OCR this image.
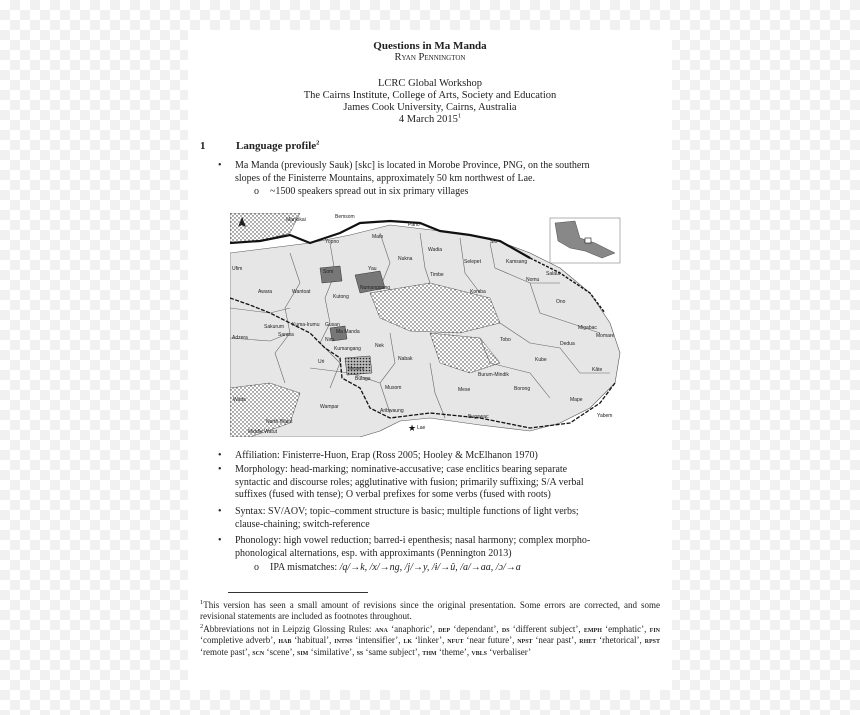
Questions in Ma Manda
Ryan Pennington
LCRC Global Workshop
The Cairns Institute, College of Arts, Society and Education
James Cook University, Cairns, Australia
4 March 2015$^1$
1	Language profile$^2$
• Ma Manda (previously Sauk) [skc] is located in Morobe Province, PNG, on the southern
slopes of the Finisterre Mountains, approximately 50 km northwest of Lae.
o ~1500 speakers spread out in six primary villages
★
Mankikai	Bemsom
Yopno
Mato
Pano
Ufim	Som	Yau
Nukna
Timbe
Wadia
Selepet
Sio
Komba
Kamsang
Numanggang
Nomu
Awara	Wantoat
Kutong
Salaut
Ono
Sakurum Kuma-Irumu Gusan
Adzera	Sarasa
Nim
Ma Manda
Migabac
Momare
Kumangang
Tobo
Dedua
Uri
Nek
Nabak	Kube
Kâte
Mesem
Burum-Mindik
Bulaga
Borong
Mape
Musom	Mese
Watta
Wampar
Aribwaung
Bugawac	Yabem
North Watut
Middle Watut
Lae
• Affiliation: Finisterre-Huon, Erap (Ross 2005; Hooley & McElhanon 1970)
• Morphology: head-marking; nominative-accusative; case enclitics bearing separate
syntactic and discourse roles; agglutinative with fusion; primarily suffixing; S/A verbal
suffixes (fused with tense); O verbal prefixes for some verbs (fused with roots)
• Syntax: SV/AOV; topic–comment structure is basic; multiple functions of light verbs;
clause-chaining; switch-reference
• Phonology: high vowel reduction; barred-i epenthesis; nasal harmony; complex morpho-
phonological alternations, esp. with approximants (Pennington 2013)
o IPA mismatches: /q/→k, /x/→ng, /j/→y, /ɨ/→û, /a/→aa, /ɔ/→a
$^1$This version has seen a small amount of revisions since the original presentation. Some errors are corrected, and some revisional statements are included as footnotes throughout.
$^2$Abbreviations not in Leipzig Glossing Rules: ana ‘anaphoric’, dep ‘dependant’, ds ‘different subject’, emph ‘emphatic’, fin ‘completive adverb’, hab ‘habitual’, intns ‘intensifier’, lk ‘linker’, nfut ‘near future’, npst ‘near past’, rhet ‘rhetorical’, rpst ‘remote past’, scn ‘scene’, sim ‘similative’, ss ‘same subject’, thm ‘theme’, vbls ‘verbaliser’
